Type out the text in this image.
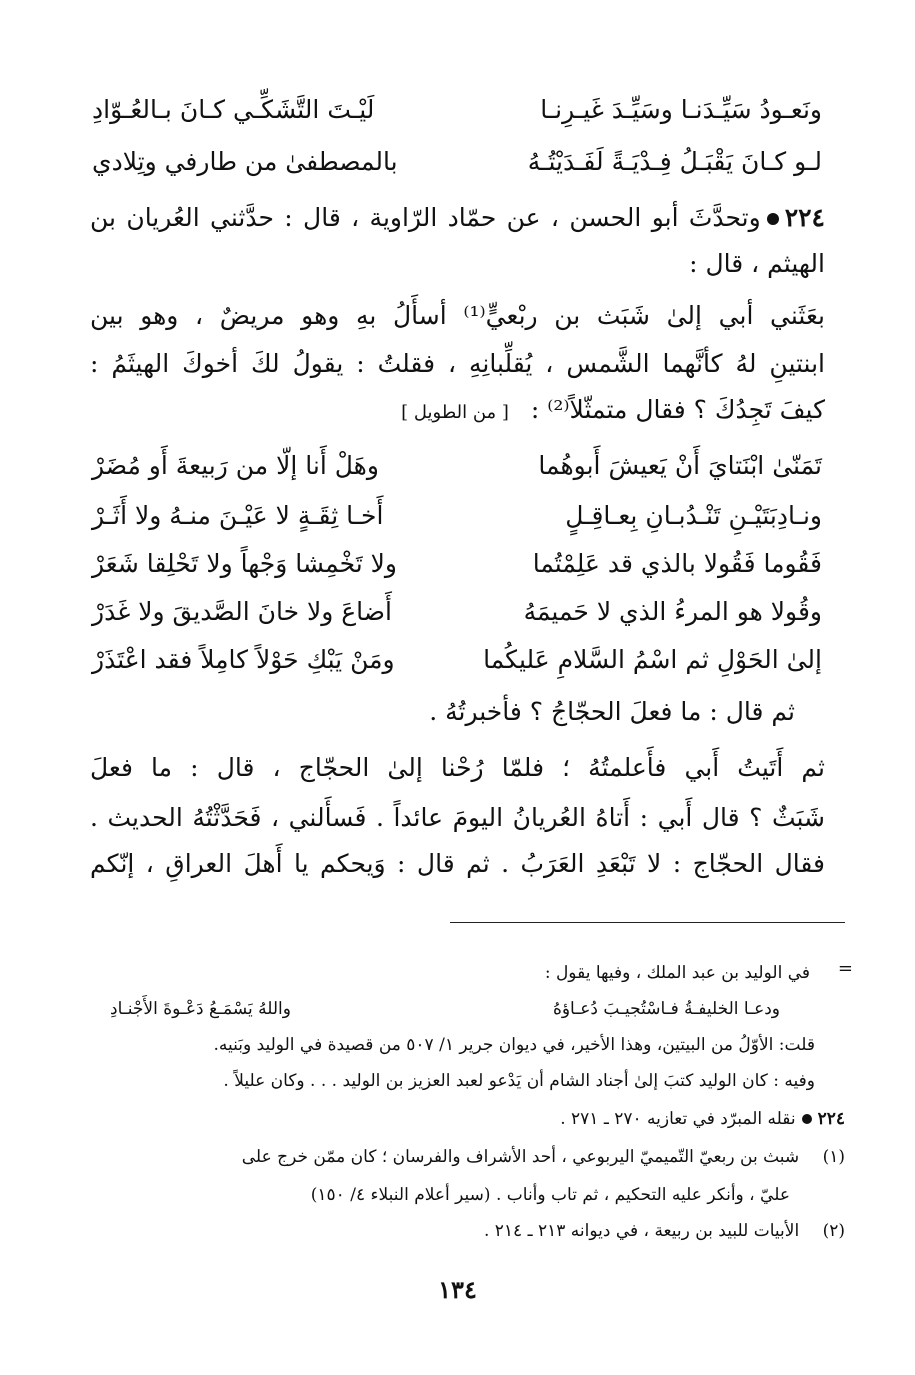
ونَعـودُ سَيِّـدَنـا وسَيِّـدَ غَيـرِنـا
لَيْـتَ التَّشَكِّـي كـانَ بـالعُـوّادِ
لـو كـانَ يَقْبَـلُ فِـدْيَـةً لَفَـدَيْتُـهُ
بالمصطفىٰ من طارفي وتِلادي
٢٢٤وتحدَّثَ أبو الحسن ، عن حمّاد الرّاوية ، قال : حدَّثني العُريان بن
الهيثم ، قال :
بعَثَني أبي إلىٰ شَبَث بن ربْعيٍّ⁽¹⁾ أسأَلُ بهِ وهو مريضٌ ، وهو بين
ابنتينِ لهُ كأنَّهما الشَّمس ، يُقلِّبانِهِ ، فقلتُ : يقولُ لكَ أخوكَ الهيثَمُ :
كيفَ تَجِدُكَ ؟ فقال متمثّلاً⁽²⁾ : [ من الطويل ]
تَمَنّىٰ ابْنَتايَ أَنْ يَعيشَ أَبوهُما
وهَلْ أَنا إلّا من رَبيعةَ أَو مُضَرْ
ونـادِبَتَيْـنِ تَنْـدُبـانِ بِعـاقِـلٍ
أَخـا ثِقَـةٍ لا عَيْـنَ منـهُ ولا أَثَـرْ
فَقُوما فَقُولا بالذي قد عَلِمْتُما
ولا تَخْمِشا وَجْهاً ولا تَحْلِقا شَعَرْ
وقُولا هو المرءُ الذي لا حَميمَهُ
أَضاعَ ولا خانَ الصَّديقَ ولا غَدَرْ
إلىٰ الحَوْلِ ثم اسْمُ السَّلامِ عَليكُما
ومَنْ يَبْكِ حَوْلاً كامِلاً فقد اعْتَذَرْ
ثم قال : ما فعلَ الحجّاجُ ؟ فأخبرتُهُ .
ثم أَتَيتُ أَبي فأَعلمتُهُ ؛ فلمّا رُحْنا إلىٰ الحجّاج ، قال : ما فعلَ
شَبَثٌ ؟ قال أَبي : أَتاهُ العُريانُ اليومَ عائداً . فَسأَلني ، فَحَدَّثْتُهُ الحديث .
فقال الحجّاج : لا تَبْعَدِ العَرَبُ . ثم قال : وَيحكم يا أَهلَ العراقِ ، إنّكم
=
في الوليد بن عبد الملك ، وفيها يقول :
ودعـا الخليفـةُ فـاسْتُجيـبَ دُعـاؤهُ
واللهُ يَسْمَـعُ دَعْـوةَ الأَجْنـادِ
قلت: الأوّلُ من البيتين، وهذا الأخير، في ديوان جرير ١/ ٥٠٧ من قصيدة في الوليد وبَنيه.
وفيه : كان الوليد كتبَ إلىٰ أجناد الشام أن يَدْعو لعبد العزيز بن الوليد . . . وكان عليلاً .
٢٢٤نقله المبرّد في تعازيه ٢٧٠ ـ ٢٧١ .
(١) شبث بن ربعيّ التّميميّ اليربوعي ، أحد الأشراف والفرسان ؛ كان ممّن خرج على
عليّ ، وأنكر عليه التحكيم ، ثم تاب وأناب . (سير أعلام النبلاء ٤/ ١٥٠)
(٢) الأبيات للبيد بن ربيعة ، في ديوانه ٢١٣ ـ ٢١٤ .
١٣٤
